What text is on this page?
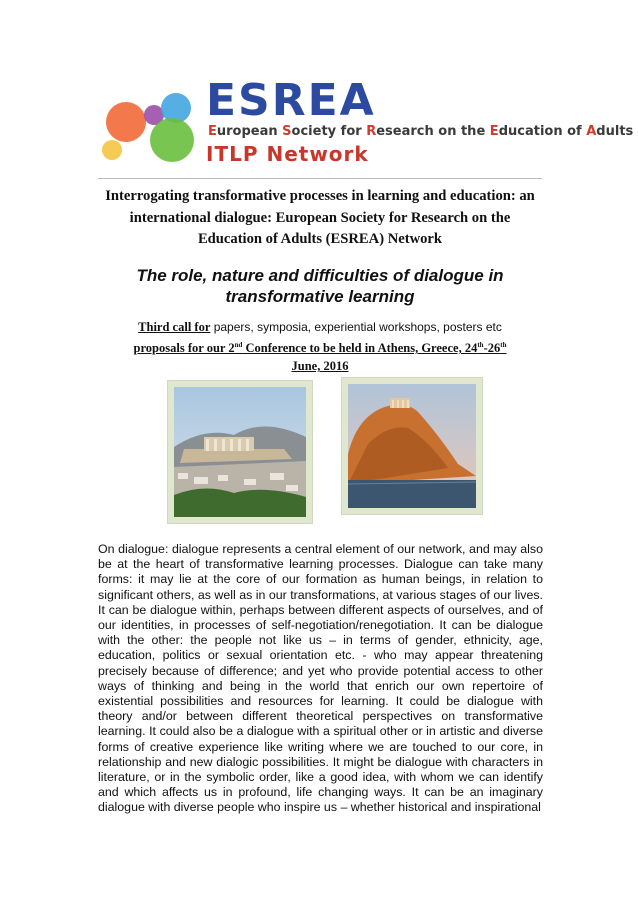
ESREA
European Society for Research on the Education of Adults
ITLP Network
Interrogating transformative processes in learning and education: an international dialogue: European Society for Research on the Education of Adults (ESREA) Network
The role, nature and difficulties of dialogue in transformative learning
Third call for papers, symposia, experiential workshops, posters etc
proposals for our 2nd Conference to be held in Athens, Greece, 24th-26th
June, 2016
On dialogue: dialogue represents a central element of our network, and may also be at the heart of transformative learning processes. Dialogue can take many forms: it may lie at the core of our formation as human beings, in relation to significant others, as well as in our transformations, at various stages of our lives. It can be dialogue within, perhaps between different aspects of ourselves, and of our identities, in processes of self-negotiation/renegotiation. It can be dialogue with the other: the people not like us – in terms of gender, ethnicity, age, education, politics or sexual orientation etc. - who may appear threatening precisely because of difference; and yet who provide potential access to other ways of thinking and being in the world that enrich our own repertoire of existential possibilities and resources for learning. It could be dialogue with theory and/or between different theoretical perspectives on transformative learning. It could also be a dialogue with a spiritual other or in artistic and diverse forms of creative experience like writing where we are touched to our core, in relationship and new dialogic possibilities. It might be dialogue with characters in literature, or in the symbolic order, like a good idea, with whom we can identify and which affects us in profound, life changing ways. It can be an imaginary dialogue with diverse people who inspire us – whether historical and inspirational
